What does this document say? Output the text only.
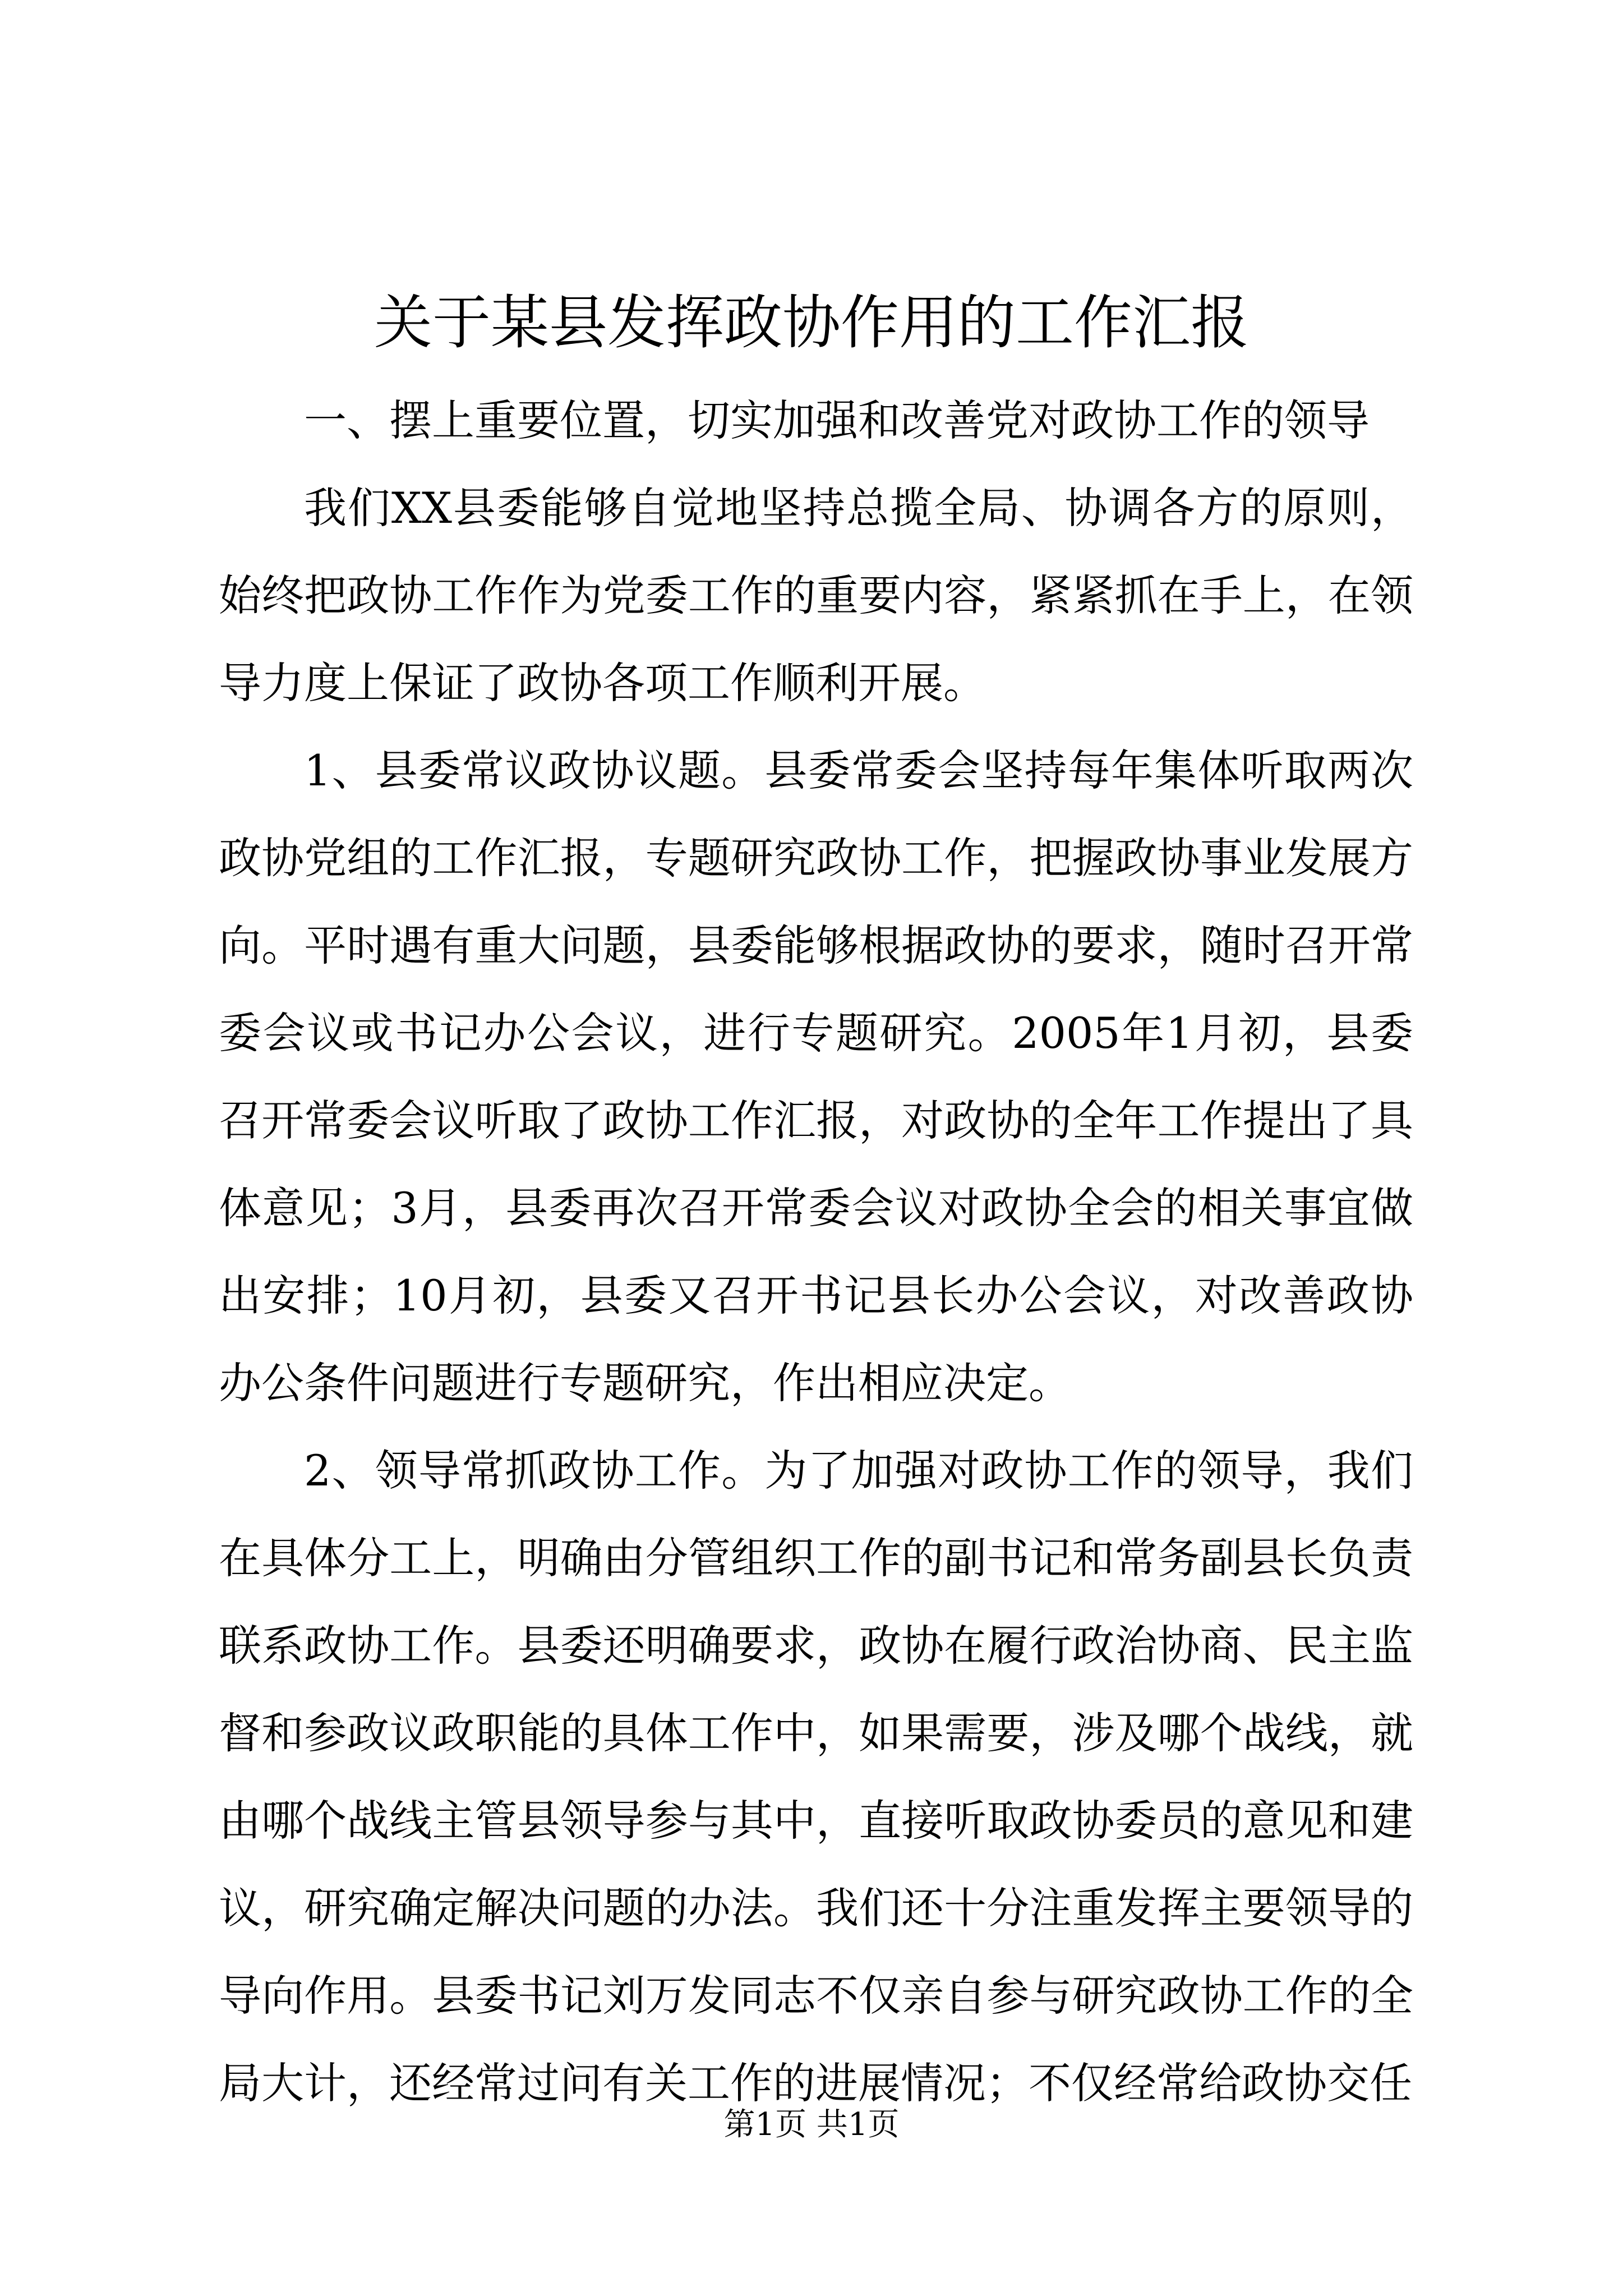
关于某县发挥政协作用的工作汇报

一、摆上重要位置，切实加强和改善党对政协工作的领导

我们XX县委能够自觉地坚持总揽全局、协调各方的原则，始终把政协工作作为党委工作的重要内容，紧紧抓在手上，在领导力度上保证了政协各项工作顺利开展。

1、县委常议政协议题。县委常委会坚持每年集体听取两次政协党组的工作汇报，专题研究政协工作，把握政协事业发展方向。平时遇有重大问题，县委能够根据政协的要求，随时召开常委会议或书记办公会议，进行专题研究。2005年1月初，县委召开常委会议听取了政协工作汇报，对政协的全年工作提出了具体意见；3月，县委再次召开常委会议对政协全会的相关事宜做出安排；10月初，县委又召开书记县长办公会议，对改善政协办公条件问题进行专题研究，作出相应决定。

2、领导常抓政协工作。为了加强对政协工作的领导，我们在具体分工上，明确由分管组织工作的副书记和常务副县长负责联系政协工作。县委还明确要求，政协在履行政治协商、民主监督和参政议政职能的具体工作中，如果需要，涉及哪个战线，就由哪个战线主管县领导参与其中，直接听取政协委员的意见和建议，研究确定解决问题的办法。我们还十分注重发挥主要领导的导向作用。县委书记刘万发同志不仅亲自参与研究政协工作的全局大计，还经常过问有关工作的进展情况；不仅经常给政协交任

第1页 共1页
